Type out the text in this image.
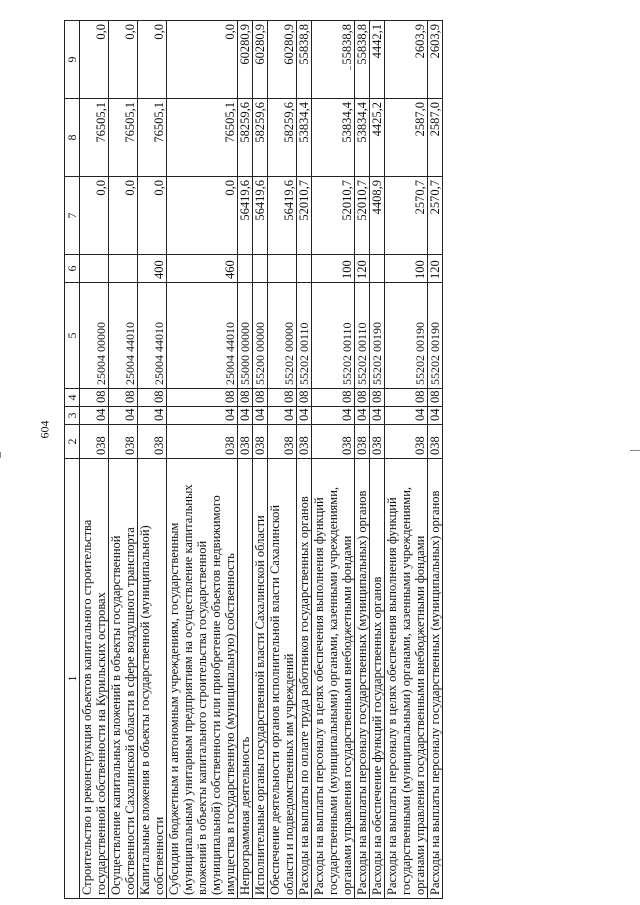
604
1	2	3	4	5	6	7	8	9
Строительство и реконструкция объектов капитального строительства государственной собственности на Курильских островах	038	04	08	25004 00000		0,0	76505,1	0,0
Осуществление капитальных вложений в объекты государственной собственности Сахалинской области в сфере воздушного транспорта	038	04	08	25004 44010		0,0	76505,1	0,0
Капитальные вложения в объекты государственной (муниципальной) собственности	038	04	08	25004 44010	400	0,0	76505,1	0,0
Субсидии бюджетным и автономным учреждениям, государственным (муниципальным) унитарным предприятиям на осуществление капитальных вложений в объекты капитального строительства государственной (муниципальной) собственности или приобретение объектов недвижимого имущества в государственную (муниципальную) собственность	038	04	08	25004 44010	460	0,0	76505,1	0,0
Непрограммная деятельность	038	04	08	55000 00000		56419,6	58259,6	60280,9
Исполнительные органы государственной власти Сахалинской области	038	04	08	55200 00000		56419,6	58259,6	60280,9
Обеспечение деятельности органов исполнительной власти Сахалинской области и подведомственных им учреждений	038	04	08	55202 00000		56419,6	58259,6	60280,9
Расходы на выплаты по оплате труда работников государственных органов	038	04	08	55202 00110		52010,7	53834,4	55838,8
Расходы на выплаты персоналу в целях обеспечения выполнения функций государственными (муниципальными) органами, казенными учреждениями, органами управления государственными внебюджетными фондами	038	04	08	55202 00110	100	52010,7	53834,4	55838,8
Расходы на выплаты персоналу государственных (муниципальных) органов	038	04	08	55202 00110	120	52010,7	53834,4	55838,8
Расходы на обеспечение функций государственных органов	038	04	08	55202 00190		4408,9	4425,2	4442,1
Расходы на выплаты персоналу в целях обеспечения выполнения функций государственными (муниципальными) органами, казенными учреждениями, органами управления государственными внебюджетными фондами	038	04	08	55202 00190	100	2570,7	2587,0	2603,9
Расходы на выплаты персоналу государственных (муниципальных) органов	038	04	08	55202 00190	120	2570,7	2587,0	2603,9
